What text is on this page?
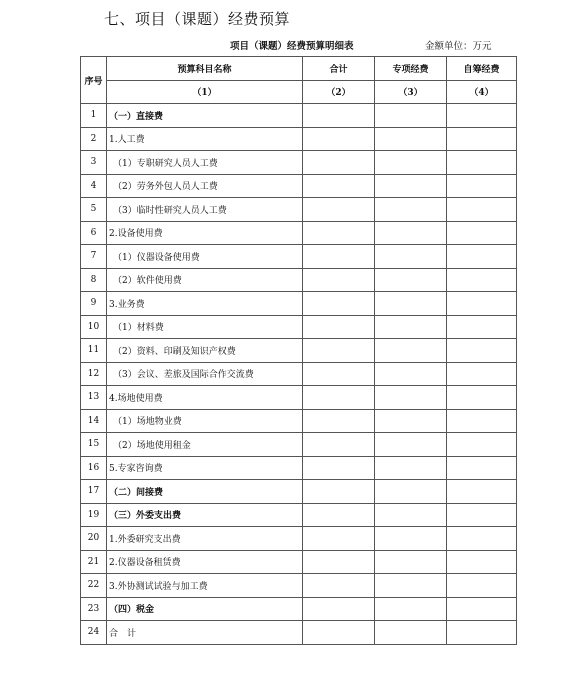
七、项目（课题）经费预算
项目（课题）经费预算明细表	金额单位：万元
序号	预算科目名称	合计	专项经费	自筹经费
	（1）	（2）	（3）	（4）
1	（一）直接费			
2	1.人工费			
3	（1）专职研究人员人工费			
4	（2）劳务外包人员人工费			
5	（3）临时性研究人员人工费			
6	2.设备使用费			
7	（1）仪器设备使用费			
8	（2）软件使用费			
9	3.业务费			
10	（1）材料费			
11	（2）资料、印刷及知识产权费			
12	（3）会议、差旅及国际合作交流费			
13	4.场地使用费			
14	（1）场地物业费			
15	（2）场地使用租金			
16	5.专家咨询费			
17	（二）间接费			
19	（三）外委支出费			
20	1.外委研究支出费			
21	2.仪器设备租赁费			
22	3.外协测试试验与加工费			
23	（四）税金			
24	合　计			
